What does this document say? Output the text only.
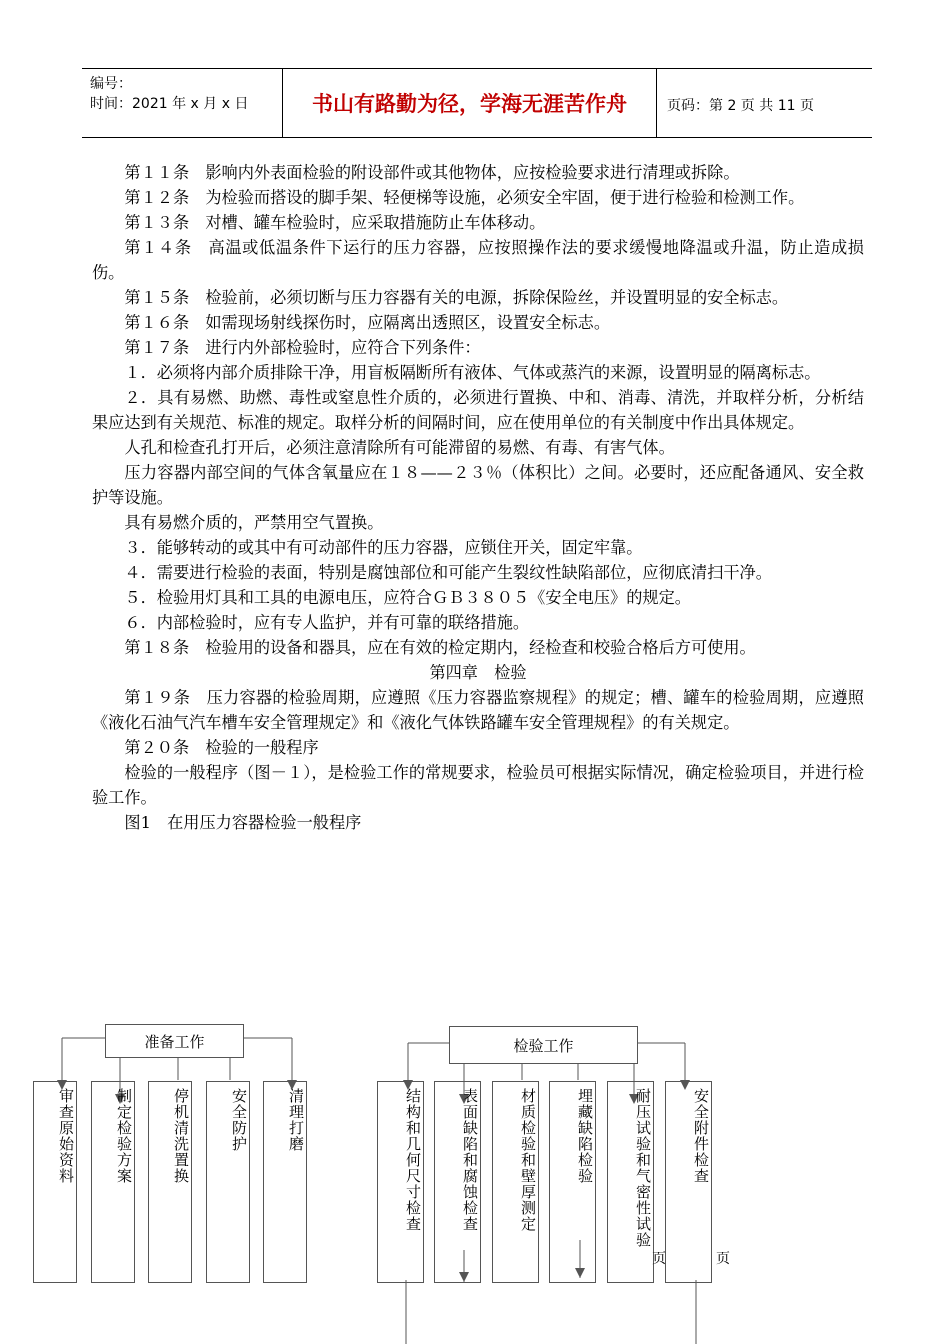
编号：
时间：2021 年 x 月 x 日	书山有路勤为径，学海无涯苦作舟	页码：第 2 页 共 11 页

第１１条　影响内外表面检验的附设部件或其他物体，应按检验要求进行清理或拆除。

第１２条　为检验而搭设的脚手架、轻便梯等设施，必须安全牢固，便于进行检验和检测工作。

第１３条　对槽、罐车检验时，应采取措施防止车体移动。

第１４条　高温或低温条件下运行的压力容器，应按照操作法的要求缓慢地降温或升温，防止造成损伤。

第１５条　检验前，必须切断与压力容器有关的电源，拆除保险丝，并设置明显的安全标志。

第１６条　如需现场射线探伤时，应隔离出透照区，设置安全标志。

第１７条　进行内外部检验时，应符合下列条件：

１．必须将内部介质排除干净，用盲板隔断所有液体、气体或蒸汽的来源，设置明显的隔离标志。

２．具有易燃、助燃、毒性或窒息性介质的，必须进行置换、中和、消毒、清洗，并取样分析，分析结果应达到有关规范、标准的规定。取样分析的间隔时间，应在使用单位的有关制度中作出具体规定。

人孔和检查孔打开后，必须注意清除所有可能滞留的易燃、有毒、有害气体。

压力容器内部空间的气体含氧量应在１８——２３％（体积比）之间。必要时，还应配备通风、安全救护等设施。

具有易燃介质的，严禁用空气置换。

３．能够转动的或其中有可动部件的压力容器，应锁住开关，固定牢靠。

４．需要进行检验的表面，特别是腐蚀部位和可能产生裂纹性缺陷部位，应彻底清扫干净。

５．检验用灯具和工具的电源电压，应符合ＧＢ３８０５《安全电压》的规定。

６．内部检验时，应有专人监护，并有可靠的联络措施。

第１８条　检验用的设备和器具，应在有效的检定期内，经检查和校验合格后方可使用。

第四章　检验

第１９条　压力容器的检验周期，应遵照《压力容器监察规程》的规定；槽、罐车的检验周期，应遵照《液化石油气汽车槽车安全管理规定》和《液化气体铁路罐车安全管理规程》的有关规定。

第２０条　检验的一般程序

检验的一般程序（图－１），是检验工作的常规要求，检验员可根据实际情况，确定检验项目，并进行检验工作。

图1　在用压力容器检验一般程序

准备工作	检验工作
审查原始资料	制定检验方案	停机清洗置换	安全防护	清理打磨	结构和几何尺寸检查	表面缺陷和腐蚀检查	材质检验和壁厚测定	埋藏缺陷检验	耐压试验和气密性试验	安全附件检查
页	页
